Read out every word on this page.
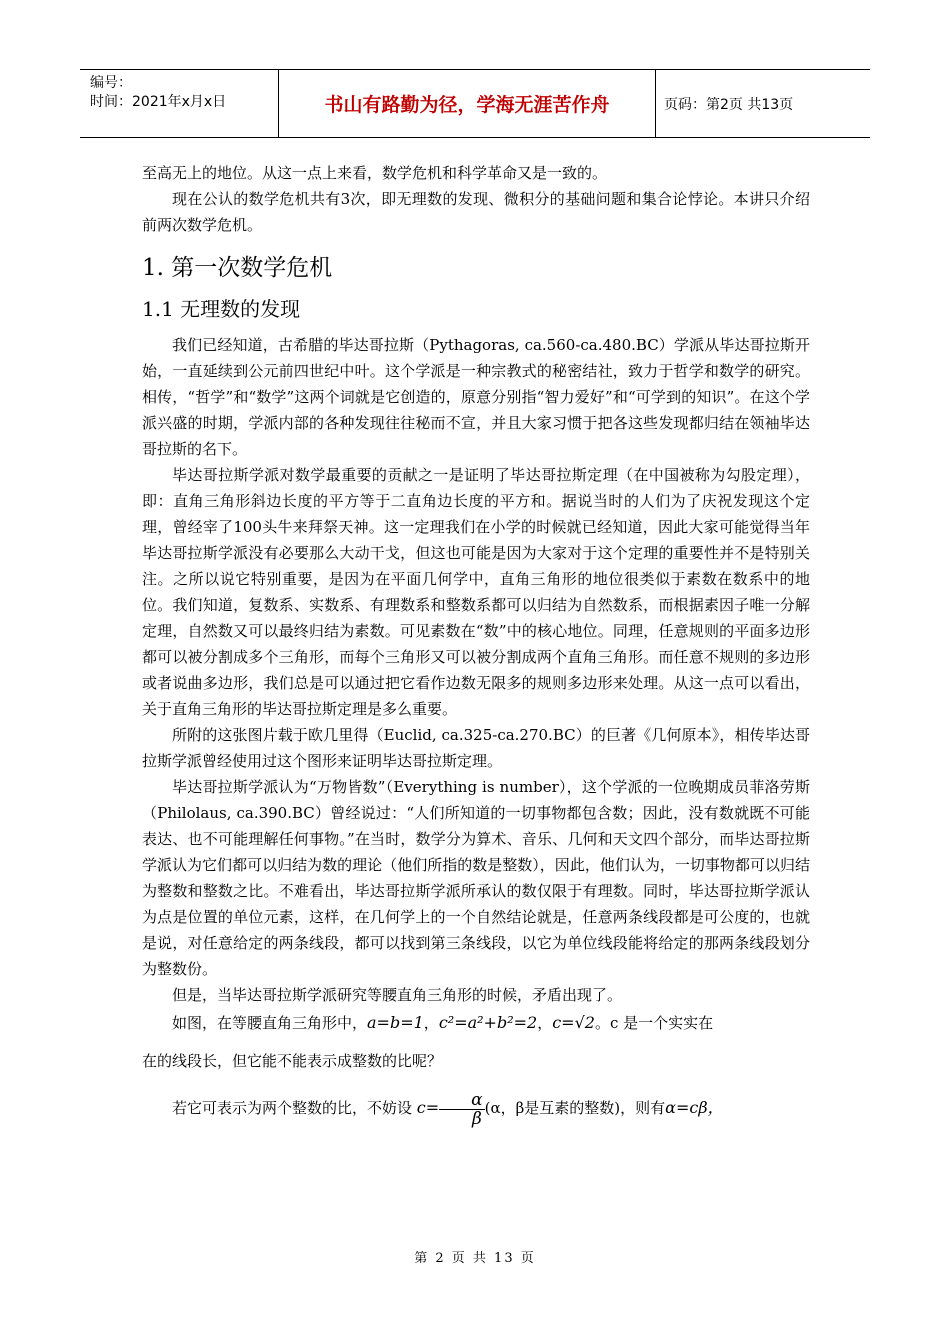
编号：
时间：2021年x月x日	书山有路勤为径，学海无涯苦作舟	页码：第2页 共13页

至高无上的地位。从这一点上来看，数学危机和科学革命又是一致的。

现在公认的数学危机共有3次，即无理数的发现、微积分的基础问题和集合论悖论。本讲只介绍前两次数学危机。

1. 第一次数学危机
1.1 无理数的发现

我们已经知道，古希腊的毕达哥拉斯（Pythagoras, ca.560-ca.480.BC）学派从毕达哥拉斯开始，一直延续到公元前四世纪中叶。这个学派是一种宗教式的秘密结社，致力于哲学和数学的研究。相传，“哲学”和“数学”这两个词就是它创造的，原意分别指“智力爱好”和“可学到的知识”。在这个学派兴盛的时期，学派内部的各种发现往往秘而不宣，并且大家习惯于把各这些发现都归结在领袖毕达哥拉斯的名下。

毕达哥拉斯学派对数学最重要的贡献之一是证明了毕达哥拉斯定理（在中国被称为勾股定理），即：直角三角形斜边长度的平方等于二直角边长度的平方和。据说当时的人们为了庆祝发现这个定理，曾经宰了100头牛来拜祭天神。这一定理我们在小学的时候就已经知道，因此大家可能觉得当年毕达哥拉斯学派没有必要那么大动干戈，但这也可能是因为大家对于这个定理的重要性并不是特别关注。之所以说它特别重要，是因为在平面几何学中，直角三角形的地位很类似于素数在数系中的地位。我们知道，复数系、实数系、有理数系和整数系都可以归结为自然数系，而根据素因子唯一分解定理，自然数又可以最终归结为素数。可见素数在“数”中的核心地位。同理，任意规则的平面多边形都可以被分割成多个三角形，而每个三角形又可以被分割成两个直角三角形。而任意不规则的多边形或者说曲多边形，我们总是可以通过把它看作边数无限多的规则多边形来处理。从这一点可以看出，关于直角三角形的毕达哥拉斯定理是多么重要。

所附的这张图片载于欧几里得（Euclid, ca.325-ca.270.BC）的巨著《几何原本》，相传毕达哥拉斯学派曾经使用过这个图形来证明毕达哥拉斯定理。

毕达哥拉斯学派认为“万物皆数”（Everything is number），这个学派的一位晚期成员菲洛劳斯（Philolaus, ca.390.BC）曾经说过：“人们所知道的一切事物都包含数；因此，没有数就既不可能表达、也不可能理解任何事物。”在当时，数学分为算术、音乐、几何和天文四个部分，而毕达哥拉斯学派认为它们都可以归结为数的理论（他们所指的数是整数），因此，他们认为，一切事物都可以归结为整数和整数之比。不难看出，毕达哥拉斯学派所承认的数仅限于有理数。同时，毕达哥拉斯学派认为点是位置的单位元素，这样，在几何学上的一个自然结论就是，任意两条线段都是可公度的，也就是说，对任意给定的两条线段，都可以找到第三条线段，以它为单位线段能将给定的那两条线段划分为整数份。

但是，当毕达哥拉斯学派研究等腰直角三角形的时候，矛盾出现了。

如图，在等腰直角三角形中，a=b=1，c²=a²+b²=2，c=√2。c 是一个实实在

在的线段长，但它能不能表示成整数的比呢？

若它可表示为两个整数的比，不妨设 $c= \frac{\alpha}{\beta} (\alpha$，β是互素的整数)，则有α=cβ，

第 2 页 共 13 页
